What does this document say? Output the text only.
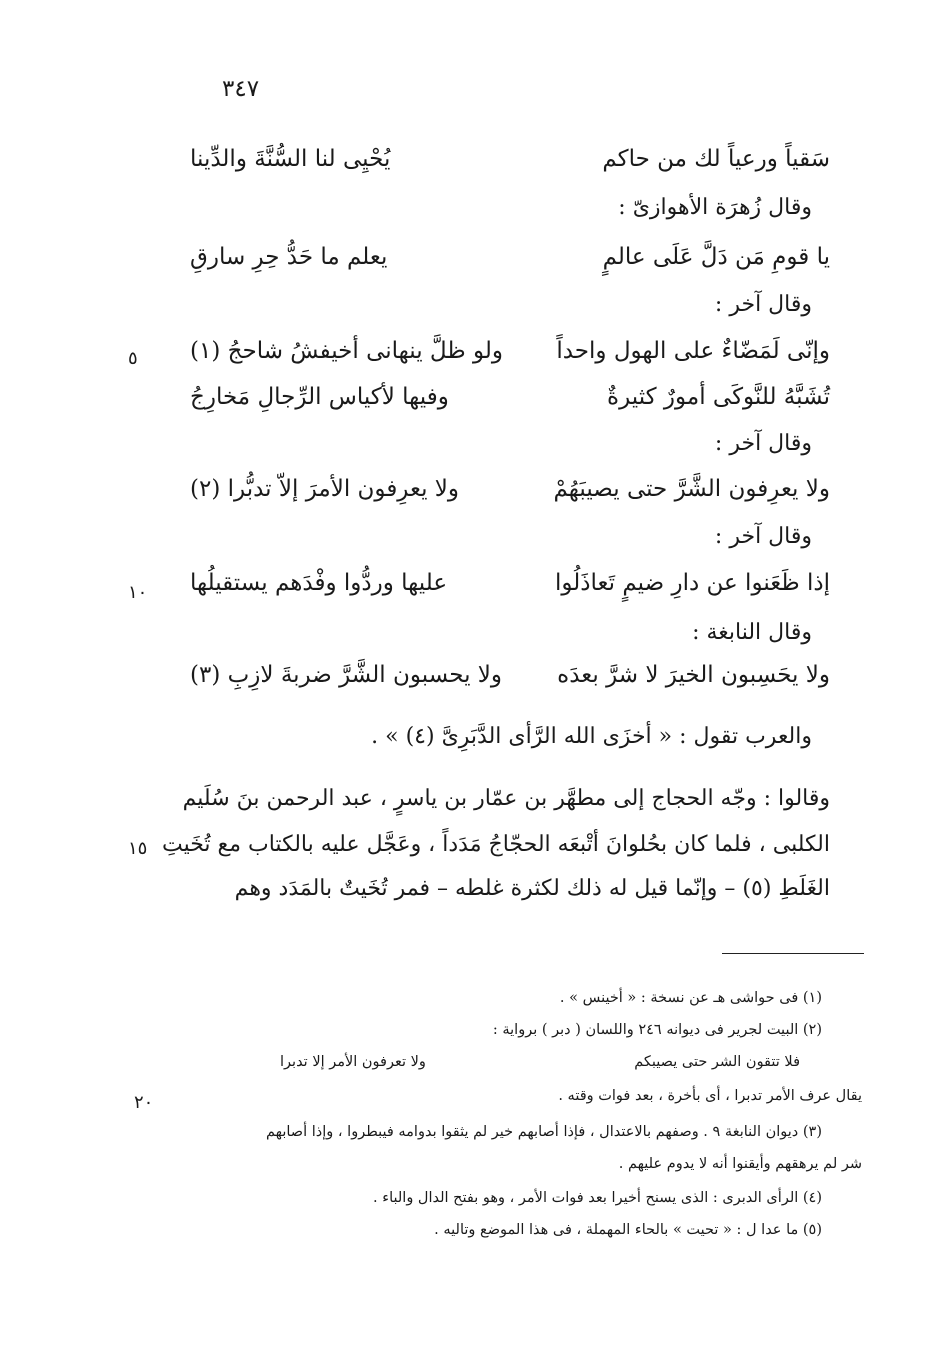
٣٤٧
سَقياً ورعياً لك من حاكم
يُحْيِى لنا السُّنَّةَ والدِّينا
وقال زُهرَة الأهوازىّ :
يا قومِ مَن دَلَّ عَلَى عالمٍ
يعلم ما حَدُّ حِرِ سارقِ
وقال آخر :
وإنّى لَمَضّاءٌ على الهول واحداً
ولو ظلَّ ينهانى أخيفشُ شاحجُ (١)
تُشَبَّهُ للنَّوكَى أمورٌ كثيرةٌ
وفيها لأكياس الرِّجالِ مَخارِجُ
وقال آخر :
ولا يعرِفون الشَّرَّ حتى يصيبَهُمْ
ولا يعرِفون الأمرَ إلاّ تدبُّرا (٢)
وقال آخر :
إذا ظَعَنوا عن دارِ ضيمٍ تَعاذَلُوا
عليها وردُّوا وفْدَهم يستقيلُها
وقال النابغة :
ولا يحَسِبون الخيرَ لا شرَّ بعدَه
ولا يحسبون الشَّرَّ ضربةَ لازِبِ (٣)
والعرب تقول : « أخزَى الله الرَّأى الدَّبَرِىَّ (٤) » .
وقالوا : وجّه الحجاج إلى مطهَّر بن عمّار بن ياسرٍ ، عبد الرحمن بنَ سُلَيم
الكلبى ، فلما كان بحُلوانَ أتْبعَه الحجّاجُ مَدَداً ، وعَجَّل عليه بالكتاب مع تُخَيتِ
الغَلَطِ (٥) – وإنّما قيل له ذلك لكثرة غلطه – فمر تُخَيتٌ بالمَدَد وهم
٥
١٠
١٥
٢٠
(١) فى حواشى هـ عن نسخة : « أخينس » .
(٢) البيت لجرير فى ديوانه ٢٤٦ واللسان ( دبر ) برواية :
فلا تتقون الشر حتى يصيبكم
ولا تعرفون الأمر إلا تدبرا
يقال عرف الأمر تدبرا ، أى بأخرة ، بعد فوات وقته .
(٣) ديوان النابغة ٩ . وصفهم بالاعتدال ، فإذا أصابهم خير لم يثقوا بدوامه فيبطروا ، وإذا أصابهم
شر لم يرهقهم وأيقنوا أنه لا يدوم عليهم .
(٤) الرأى الدبرى : الذى يسنح أخيرا بعد فوات الأمر ، وهو بفتح الدال والباء .
(٥) ما عدا ل : « تحيت » بالحاء المهملة ، فى هذا الموضع وتاليه .
